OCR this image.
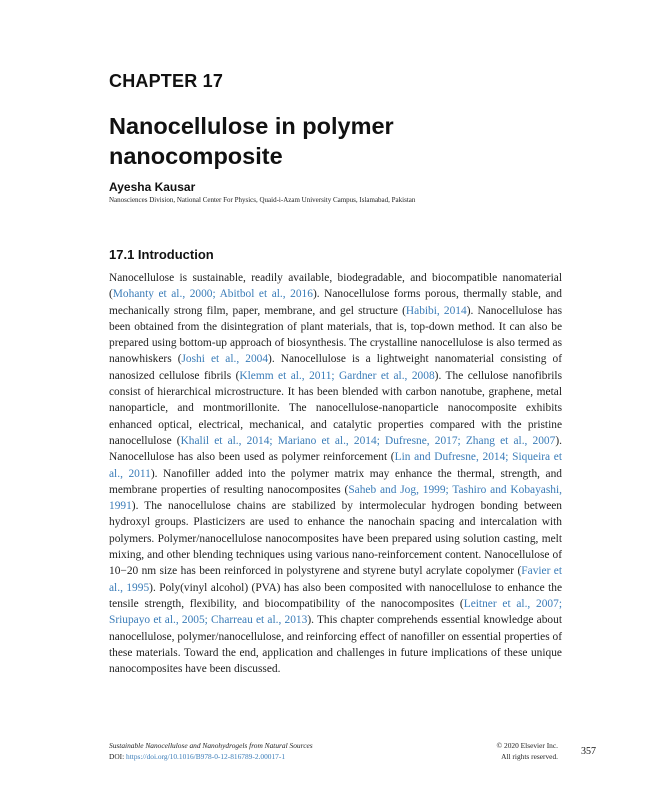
CHAPTER 17
Nanocellulose in polymer nanocomposite
Ayesha Kausar
Nanosciences Division, National Center For Physics, Quaid-i-Azam University Campus, Islamabad, Pakistan
17.1 Introduction
Nanocellulose is sustainable, readily available, biodegradable, and biocompatible nanomaterial (Mohanty et al., 2000; Abitbol et al., 2016). Nanocellulose forms porous, thermally stable, and mechanically strong film, paper, membrane, and gel structure (Habibi, 2014). Nanocellulose has been obtained from the disintegration of plant materials, that is, top-down method. It can also be prepared using bottom-up approach of biosynthesis. The crystalline nanocellulose is also termed as nanowhiskers (Joshi et al., 2004). Nanocellulose is a lightweight nanomaterial consisting of nanosized cellulose fibrils (Klemm et al., 2011; Gardner et al., 2008). The cellulose nanofibrils consist of hierarchical microstructure. It has been blended with carbon nanotube, graphene, metal nanoparticle, and montmorillonite. The nanocellulose-nanoparticle nanocomposite exhibits enhanced optical, electrical, mechanical, and catalytic properties compared with the pristine nanocellulose (Khalil et al., 2014; Mariano et al., 2014; Dufresne, 2017; Zhang et al., 2007). Nanocellulose has also been used as polymer reinforcement (Lin and Dufresne, 2014; Siqueira et al., 2011). Nanofiller added into the polymer matrix may enhance the thermal, strength, and membrane properties of resulting nanocomposites (Saheb and Jog, 1999; Tashiro and Kobayashi, 1991). The nanocellulose chains are stabilized by intermolecular hydrogen bonding between hydroxyl groups. Plasticizers are used to enhance the nanochain spacing and intercalation with polymers. Polymer/nanocellulose nanocomposites have been prepared using solution casting, melt mixing, and other blending techniques using various nano-reinforcement content. Nanocellulose of 10−20 nm size has been reinforced in polystyrene and styrene butyl acrylate copolymer (Favier et al., 1995). Poly(vinyl alcohol) (PVA) has also been composited with nanocellulose to enhance the tensile strength, flexibility, and biocompatibility of the nanocomposites (Leitner et al., 2007; Sriupayo et al., 2005; Charreau et al., 2013). This chapter comprehends essential knowledge about nanocellulose, polymer/nanocellulose, and reinforcing effect of nanofiller on essential properties of these materials. Toward the end, application and challenges in future implications of these unique nanocomposites have been discussed.
Sustainable Nanocellulose and Nanohydrogels from Natural Sources
DOI: https://doi.org/10.1016/B978-0-12-816789-2.00017-1
© 2020 Elsevier Inc.
All rights reserved. 357
